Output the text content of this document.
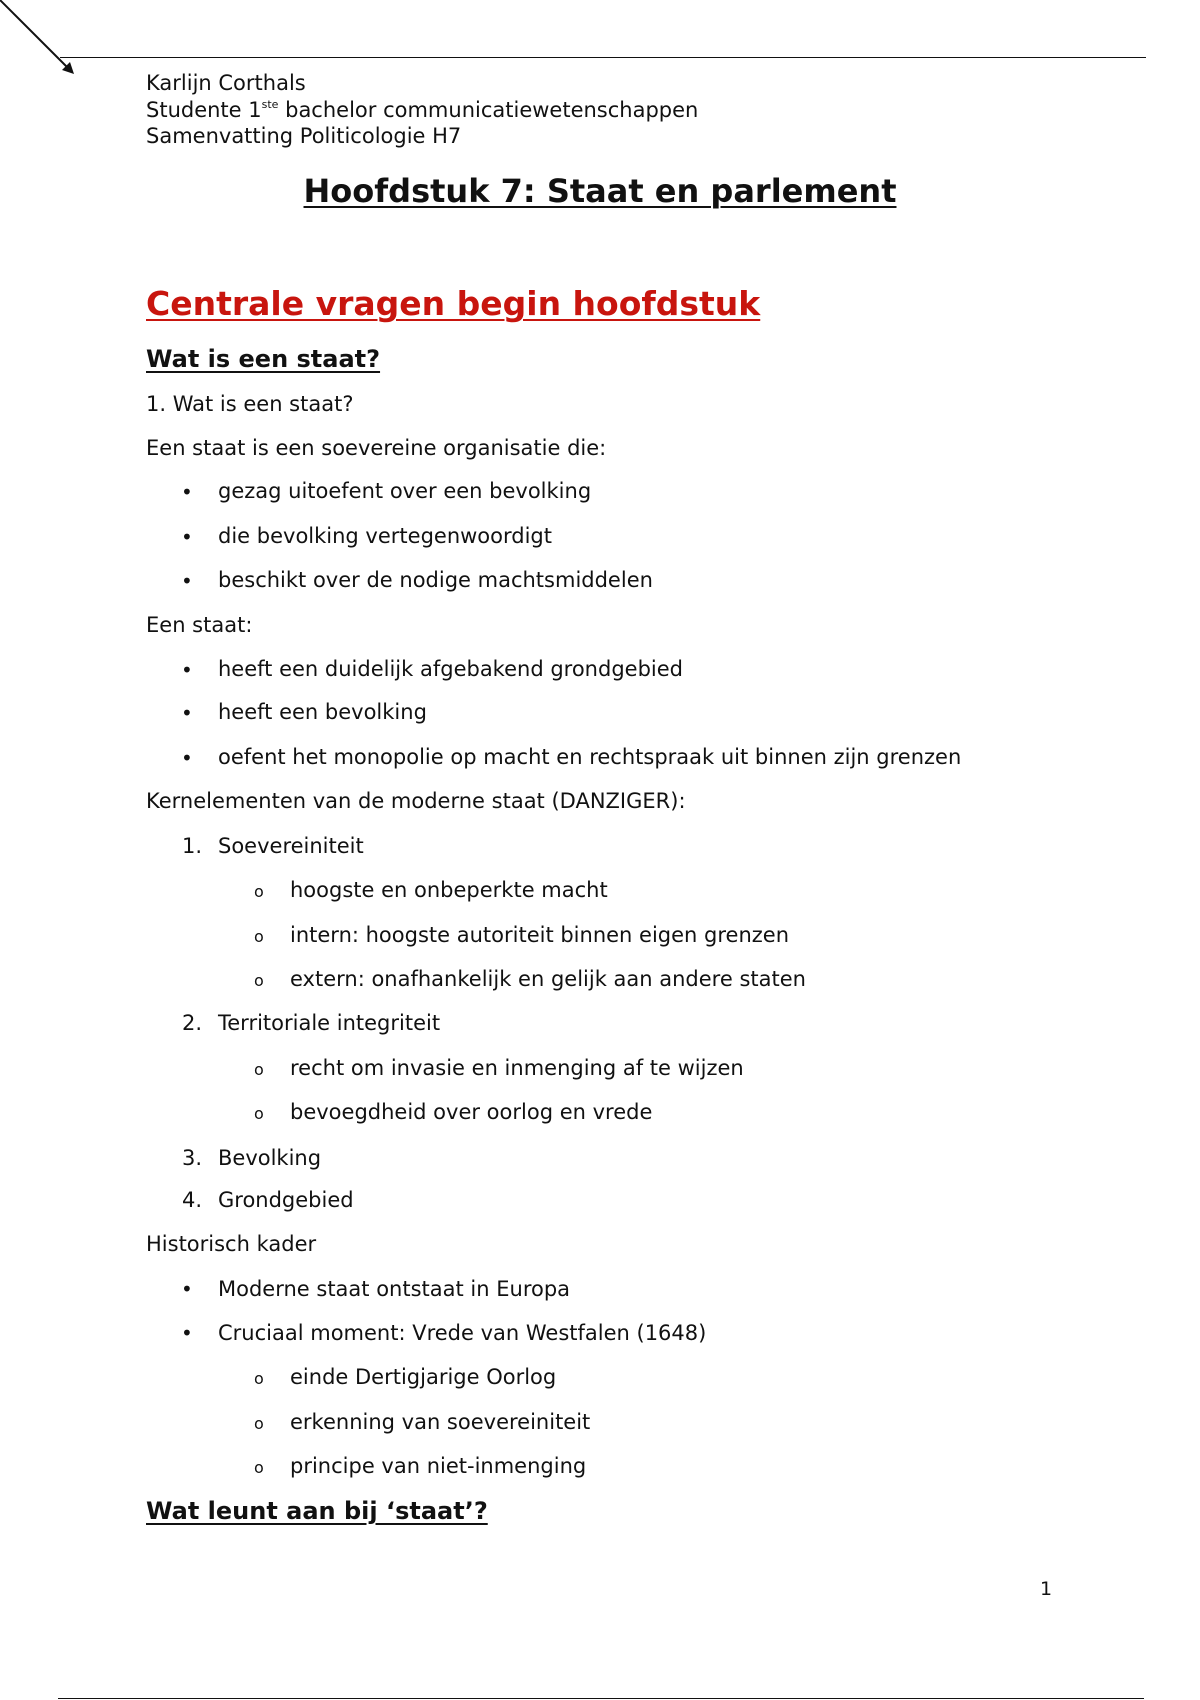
Karlijn Corthals
Studente 1ste bachelor communicatiewetenschappen
Samenvatting Politicologie H7
Hoofdstuk 7: Staat en parlement
Centrale vragen begin hoofdstuk
Wat is een staat?
1. Wat is een staat?
Een staat is een soevereine organisatie die:
• gezag uitoefent over een bevolking
• die bevolking vertegenwoordigt
• beschikt over de nodige machtsmiddelen
Een staat:
• heeft een duidelijk afgebakend grondgebied
• heeft een bevolking
• oefent het monopolie op macht en rechtspraak uit binnen zijn grenzen
Kernelementen van de moderne staat (DANZIGER):
1. Soevereiniteit
o hoogste en onbeperkte macht
o intern: hoogste autoriteit binnen eigen grenzen
o extern: onafhankelijk en gelijk aan andere staten
2. Territoriale integriteit
o recht om invasie en inmenging af te wijzen
o bevoegdheid over oorlog en vrede
3. Bevolking
4. Grondgebied
Historisch kader
• Moderne staat ontstaat in Europa
• Cruciaal moment: Vrede van Westfalen (1648)
o einde Dertigjarige Oorlog
o erkenning van soevereiniteit
o principe van niet-inmenging
Wat leunt aan bij ‘staat’?
1
